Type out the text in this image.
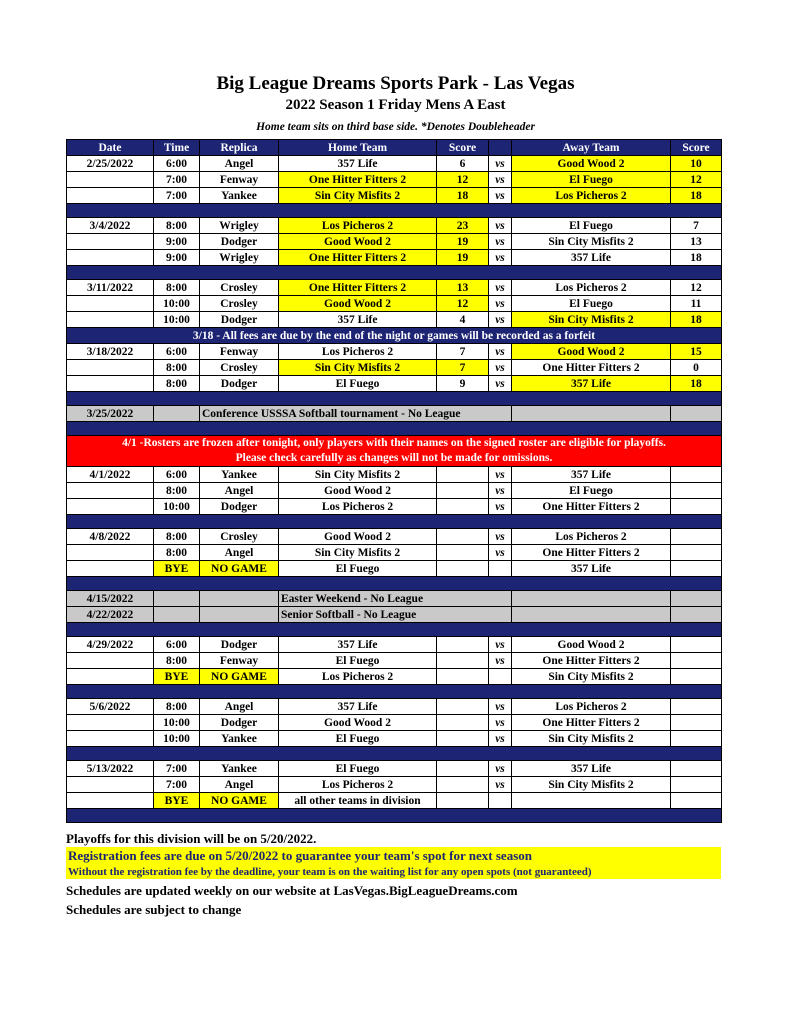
Big League Dreams Sports Park - Las Vegas
2022 Season 1 Friday Mens A East
Home team sits on third base side. *Denotes Doubleheader
Date	Time	Replica	Home Team	Score		Away Team	Score
2/25/2022	6:00	Angel	357 Life	6	vs	Good Wood 2	10
	7:00	Fenway	One Hitter Fitters 2	12	vs	El Fuego	12
	7:00	Yankee	Sin City Misfits 2	18	vs	Los Picheros 2	18

3/4/2022	8:00	Wrigley	Los Picheros 2	23	vs	El Fuego	7
	9:00	Dodger	Good Wood 2	19	vs	Sin City Misfits 2	13
	9:00	Wrigley	One Hitter Fitters 2	19	vs	357 Life	18

3/11/2022	8:00	Crosley	One Hitter Fitters 2	13	vs	Los Picheros 2	12
	10:00	Crosley	Good Wood 2	12	vs	El Fuego	11
	10:00	Dodger	357 Life	4	vs	Sin City Misfits 2	18
3/18 - All fees are due by the end of the night or games will be recorded as a forfeit							
3/18/2022	6:00	Fenway	Los Picheros 2	7	vs	Good Wood 2	15
	8:00	Crosley	Sin City Misfits 2	7	vs	One Hitter Fitters 2	0
	8:00	Dodger	El Fuego	9	vs	357 Life	18

3/25/2022		Conference USSSA Softball tournament - No League					

4/1 -Rosters are frozen after tonight, only players with their names on the signed roster are eligible for playoffs.
Please check carefully as changes will not be made for omissions.							

4/1/2022	6:00	Yankee	Sin City Misfits 2		vs	357 Life	
	8:00	Angel	Good Wood 2		vs	El Fuego	
	10:00	Dodger	Los Picheros 2		vs	One Hitter Fitters 2	

4/8/2022	8:00	Crosley	Good Wood 2		vs	Los Picheros 2	
	8:00	Angel	Sin City Misfits 2		vs	One Hitter Fitters 2	
	BYE	NO GAME	El Fuego			357 Life	

4/15/2022			Easter Weekend - No League				
4/22/2022			Senior Softball - No League				

4/29/2022	6:00	Dodger	357 Life		vs	Good Wood 2	
	8:00	Fenway	El Fuego		vs	One Hitter Fitters 2	
	BYE	NO GAME	Los Picheros 2			Sin City Misfits 2	

5/6/2022	8:00	Angel	357 Life		vs	Los Picheros 2	
	10:00	Dodger	Good Wood 2		vs	One Hitter Fitters 2	
	10:00	Yankee	El Fuego		vs	Sin City Misfits 2	

5/13/2022	7:00	Yankee	El Fuego		vs	357 Life	
	7:00	Angel	Los Picheros 2		vs	Sin City Misfits 2	
	BYE	NO GAME	all other teams in division				

Playoffs for this division will be on 5/20/2022.
Registration fees are due on 5/20/2022 to guarantee your team's spot for next season
Without the registration fee by the deadline, your team is on the waiting list for any open spots (not guaranteed)
Schedules are updated weekly on our website at LasVegas.BigLeagueDreams.com
Schedules are subject to change
